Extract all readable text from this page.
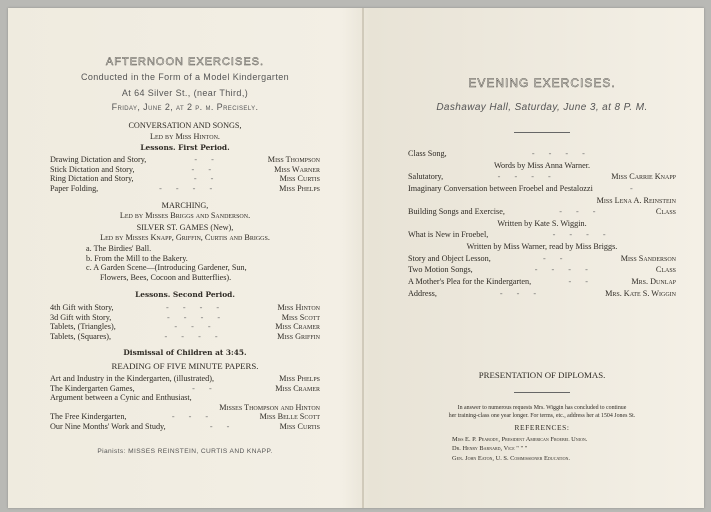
AFTERNOON EXERCISES.
Conducted in the Form of a Model Kindergarten
At 64 Silver St., (near Third,)
Friday, June 2, at 2 p. m. Precisely.
CONVERSATION AND SONGS,
Led by Miss Hinton.
Lessons. First Period.
Drawing Dictation and Story,	- -	Miss Thompson
Stick Dictation and Story,	- -	Miss Warner
Ring Dictation and Story,	- -	Miss Curtis
Paper Folding,	- - - -	Miss Phelps
MARCHING,
Led by Misses Briggs and Sanderson.
SILVER ST. GAMES (New),
Led by Misses Knapp, Griffin, Curtis and Briggs.
a. The Birdies' Ball.
b. From the Mill to the Bakery.
c. A Garden Scene—(Introducing Gardener, Sun,
Flowers, Bees, Cocoon and Butterflies).
Lessons. Second Period.
4th Gift with Story,	- - - -	Miss Hinton
3d Gift with Story,	- - - -	Miss Scott
Tablets, (Triangles),	- - -	Miss Cramer
Tablets, (Squares),	- - - -	Miss Griffin
Dismissal of Children at 3:45.
READING OF FIVE MINUTE PAPERS.
Art and Industry in the Kindergarten, (illustrated),	Miss Phelps
The Kindergarten Games,	- -	Miss Cramer
Argument between a Cynic and Enthusiast,
Misses Thompson and Hinton
The Free Kindergarten,	- - -	Miss Belle Scott
Our Nine Months' Work and Study,	- -	Miss Curtis
Pianists: MISSES REINSTEIN, CURTIS AND KNAPP.
EVENING EXERCISES.
Dashaway Hall, Saturday, June 3, at 8 P. M.
Class Song,	- - - -
Words by Miss Anna Warner.
Salutatory,	- - - -	Miss Carrie Knapp
Imaginary Conversation between Froebel and Pestalozzi	-
Miss Lena A. Reinstein
Building Songs and Exercise,	- - -	Class
Written by Kate S. Wiggin.
What is New in Froebel,	- - - -
Written by Miss Warner, read by Miss Briggs.
Story and Object Lesson,	- -	Miss Sanderson
Two Motion Songs,	- - - -	Class
A Mother's Plea for the Kindergarten,	- -	Mrs. Dunlap
Address,	- - -	Mrs. Kate S. Wiggin
PRESENTATION OF DIPLOMAS.
In answer to numerous requests Mrs. Wiggin has concluded to continue
her training-class one year longer. For terms, etc., address her at 1504 Jones St.
REFERENCES:
Miss E. P. Peabody, President American Froebel Union.
Dr. Henry Barnard, Vice " " "
Gen. John Eaton, U. S. Commissioner Education.
